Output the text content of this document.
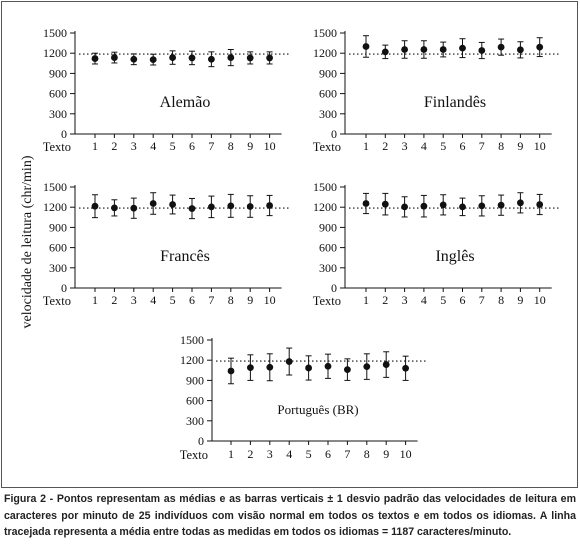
velocidade de leitura (chr/min)
0
300
600
900
1200
1500
1 2 3 4 5 6 7 8 9 10
Texto
Alemão
0
300
600
900
1200
1500
1 2 3 4 5 6 7 8 9 10
Texto
Finlandês
0
300
600
900
1200
1500
1 2 3 4 5 6 7 8 9 10
Texto
Francês
0
300
600
900
1200
1500
1 2 3 4 5 6 7 8 9 10
Texto
Inglês
0
300
600
900
1200
1500
1 2 3 4 5 6 7 8 9 10
Texto
Português (BR)
Figura 2 - Pontos representam as médias e as barras verticais ± 1 desvio padrão das velocidades de leitura em caracteres por minuto de 25 indivíduos com visão normal em todos os textos e em todos os idiomas. A linha tracejada representa a média entre todas as medidas em todos os idiomas = 1187 caracteres/minuto.
